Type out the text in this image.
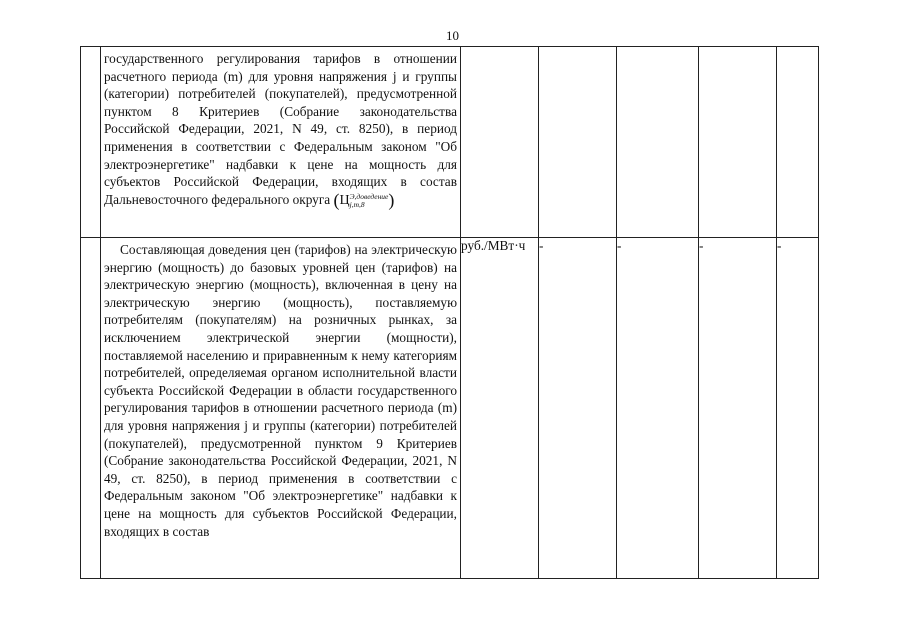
10

	государственного регулирования тарифов в отношении расчетного периода (m) для уровня напряжения j и группы (категории) потребителей (покупателей), предусмотренной пунктом 8 Критериев (Собрание законодательства Российской Федерации, 2021, N 49, ст. 8250), в период применения в соответствии с Федеральным законом "Об электроэнергетике" надбавки к цене на мощность для субъектов Российской Федерации, входящих в состав Дальневосточного федерального округа (Ц Э,доведение
j,m,8 )					

	Составляющая доведения цен (тарифов) на электрическую энергию (мощность) до базовых уровней цен (тарифов) на электрическую энергию (мощность), включенная в цену на электрическую энергию (мощность), поставляемую потребителям (покупателям) на розничных рынках, за исключением электрической энергии (мощности), поставляемой населению и приравненным к нему категориям потребителей, определяемая органом исполнительной власти субъекта Российской Федерации в области государственного регулирования тарифов в отношении расчетного периода (m) для уровня напряжения j и группы (категории) потребителей (покупателей), предусмотренной пунктом 9 Критериев (Собрание законодательства Российской Федерации, 2021, N 49, ст. 8250), в период применения в соответствии с Федеральным законом "Об электроэнергетике" надбавки к цене на мощность для субъектов Российской Федерации, входящих в состав	руб./МВт·ч	-	-	-	-
